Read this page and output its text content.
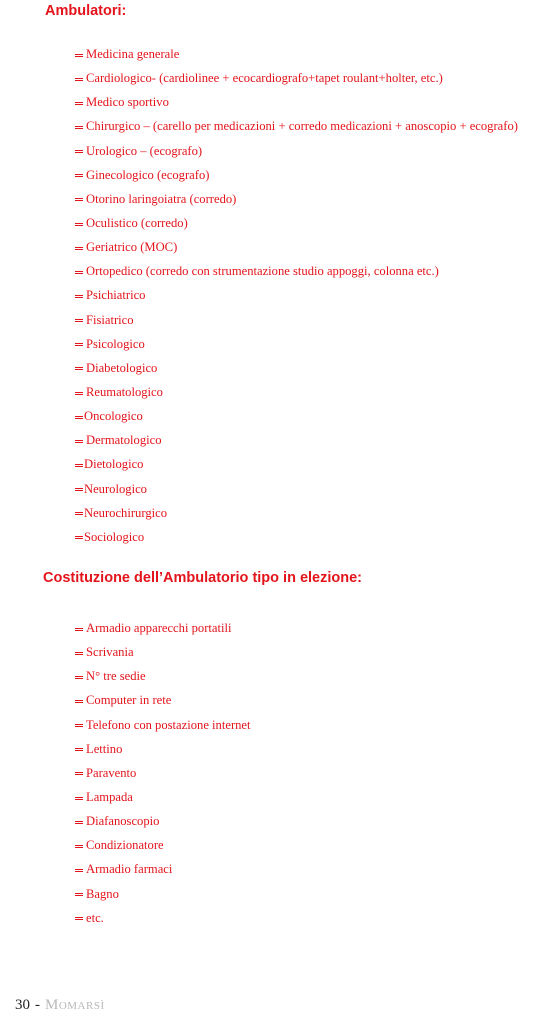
Ambulatori:
Medicina generale
Cardiologico- (cardiolinee + ecocardiografo+tapet roulant+holter, etc.)
Medico sportivo
Chirurgico – (carello per medicazioni + corredo medicazioni + anoscopio + ecografo)
Urologico – (ecografo)
Ginecologico (ecografo)
Otorino laringoiatra (corredo)
Oculistico (corredo)
Geriatrico (MOC)
Ortopedico (corredo con strumentazione studio appoggi, colonna etc.)
Psichiatrico
Fisiatrico
Psicologico
Diabetologico
Reumatologico
Oncologico
Dermatologico
Dietologico
Neurologico
Neurochirurgico
Sociologico
Costituzione dell’Ambulatorio tipo in elezione:
Armadio apparecchi portatili
Scrivania
N° tre sedie
Computer in rete
Telefono con postazione internet
Lettino
Paravento
Lampada
Diafanoscopio
Condizionatore
Armadio farmaci
Bagno
etc.
30 - Momarsì
